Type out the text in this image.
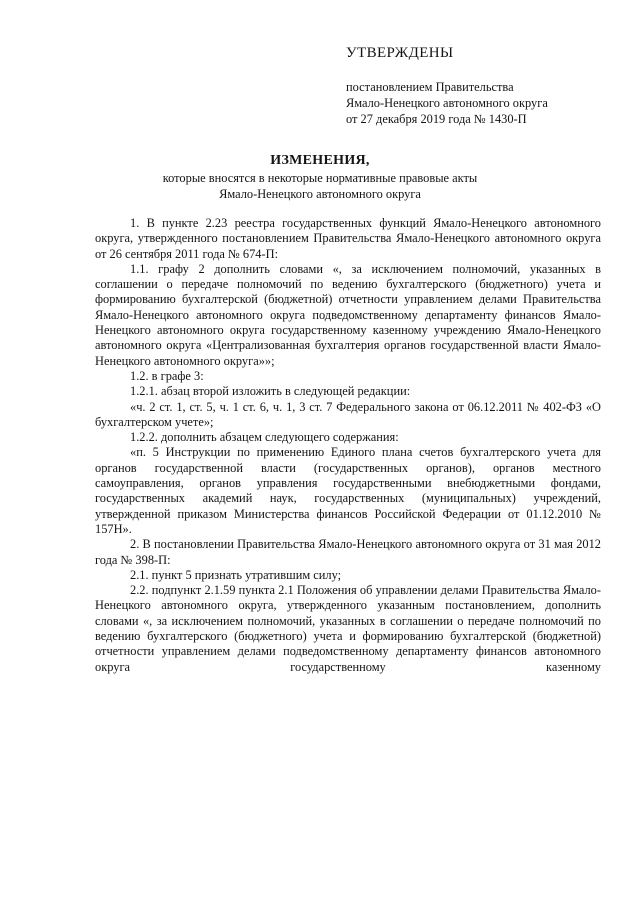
УТВЕРЖДЕНЫ
постановлением Правительства
Ямало-Ненецкого автономного округа
от 27 декабря 2019 года № 1430-П
ИЗМЕНЕНИЯ,
которые вносятся в некоторые нормативные правовые акты
Ямало-Ненецкого автономного округа

1. В пункте 2.23 реестра государственных функций Ямало-Ненецкого автономного округа, утвержденного постановлением Правительства Ямало-Ненецкого автономного округа от 26 сентября 2011 года № 674-П:

1.1. графу 2 дополнить словами «, за исключением полномочий, указанных в соглашении о передаче полномочий по ведению бухгалтерского (бюджетного) учета и формированию бухгалтерской (бюджетной) отчетности управлением делами Правительства Ямало-Ненецкого автономного округа подведомственному департаменту финансов Ямало-Ненецкого автономного округа государственному казенному учреждению Ямало-Ненецкого автономного округа «Централизованная бухгалтерия органов государственной власти Ямало-Ненецкого автономного округа»»;

1.2. в графе 3:

1.2.1. абзац второй изложить в следующей редакции:

«ч. 2 ст. 1, ст. 5, ч. 1 ст. 6, ч. 1, 3 ст. 7 Федерального закона от 06.12.2011 № 402-ФЗ «О бухгалтерском учете»;

1.2.2. дополнить абзацем следующего содержания:

«п. 5 Инструкции по применению Единого плана счетов бухгалтерского учета для органов государственной власти (государственных органов), органов местного самоуправления, органов управления государственными внебюджетными фондами, государственных академий наук, государственных (муниципальных) учреждений, утвержденной приказом Министерства финансов Российской Федерации от 01.12.2010 № 157Н».

2. В постановлении Правительства Ямало-Ненецкого автономного округа от 31 мая 2012 года № 398-П:

2.1. пункт 5 признать утратившим силу;

2.2. подпункт 2.1.59 пункта 2.1 Положения об управлении делами Правительства Ямало-Ненецкого автономного округа, утвержденного указанным постановлением, дополнить словами «, за исключением полномочий, указанных в соглашении о передаче полномочий по ведению бухгалтерского (бюджетного) учета и формированию бухгалтерской (бюджетной) отчетности управлением делами подведомственному департаменту финансов автономного округа государственному казенному
